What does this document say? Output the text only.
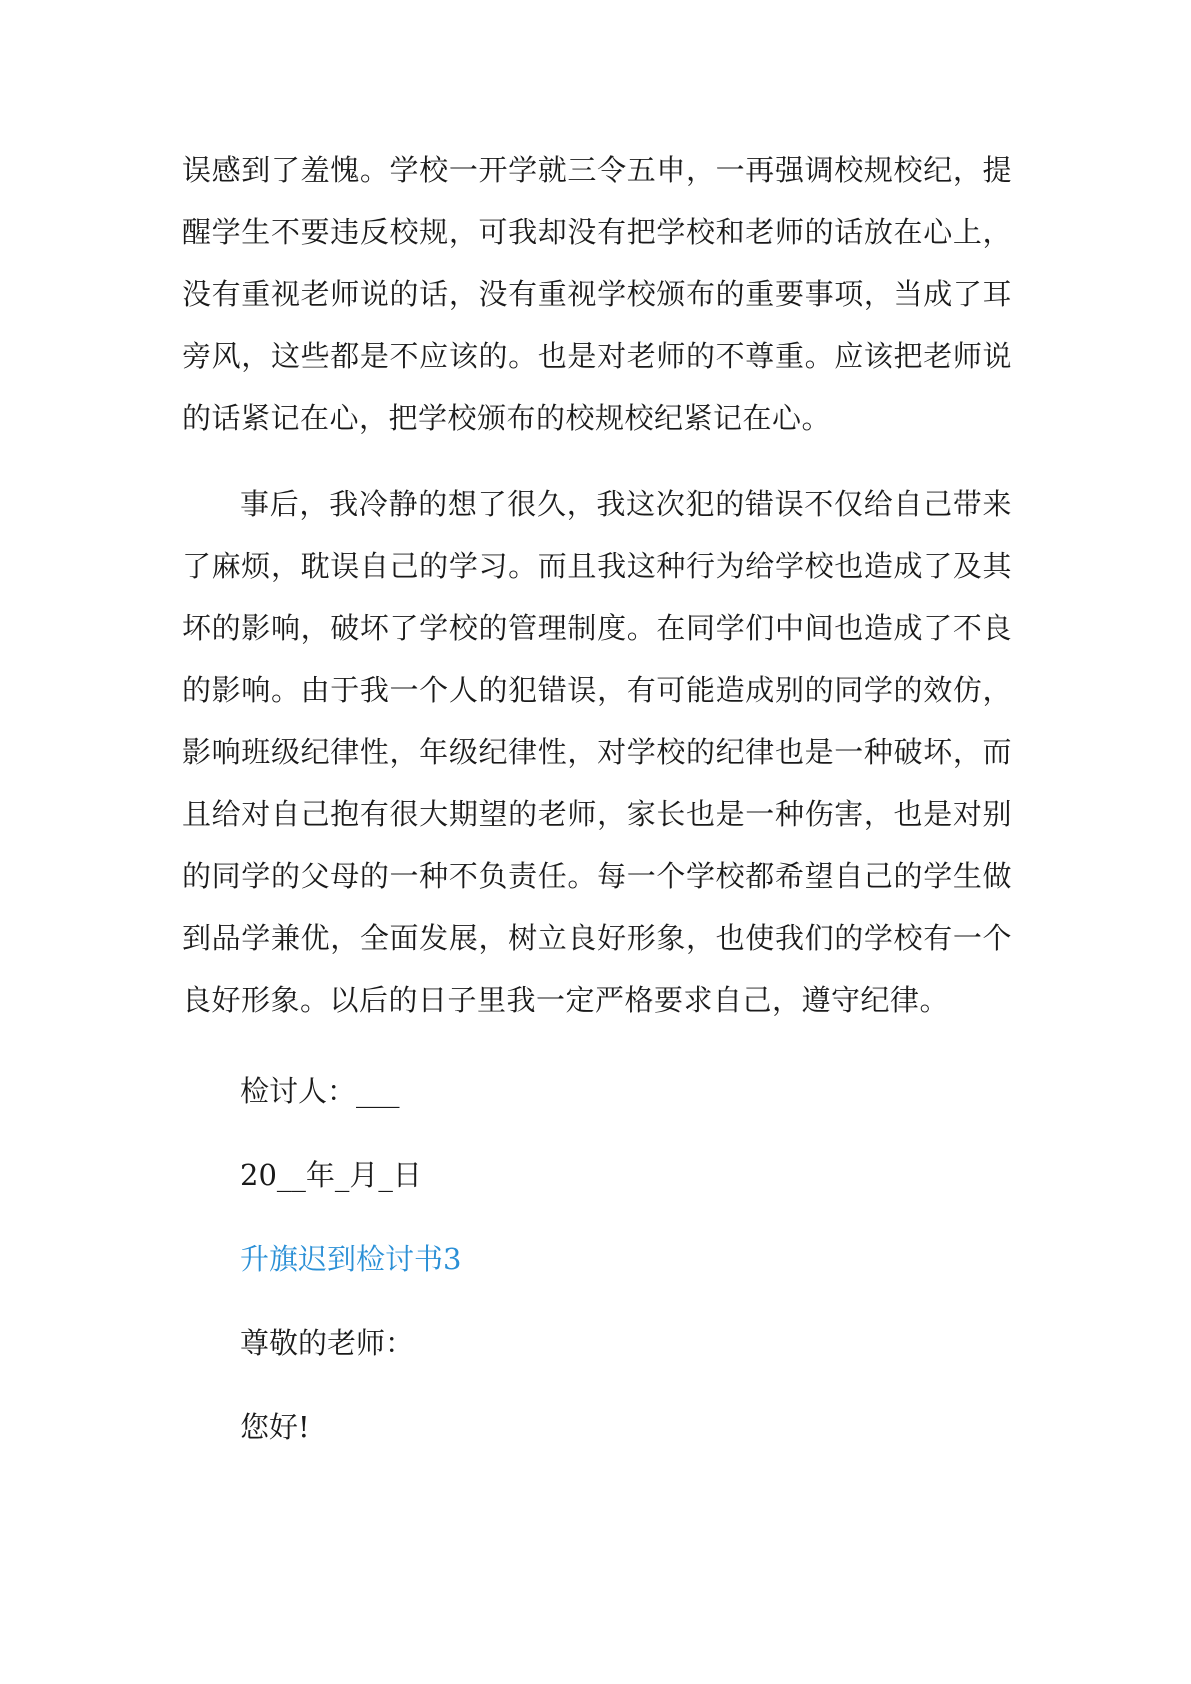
误感到了羞愧。学校一开学就三令五申，一再强调校规校纪，提醒学生不要违反校规，可我却没有把学校和老师的话放在心上，没有重视老师说的话，没有重视学校颁布的重要事项，当成了耳旁风，这些都是不应该的。也是对老师的不尊重。应该把老师说的话紧记在心，把学校颁布的校规校纪紧记在心。

事后，我冷静的想了很久，我这次犯的错误不仅给自己带来了麻烦，耽误自己的学习。而且我这种行为给学校也造成了及其坏的影响，破坏了学校的管理制度。在同学们中间也造成了不良的影响。由于我一个人的犯错误，有可能造成别的同学的效仿，影响班级纪律性，年级纪律性，对学校的纪律也是一种破坏，而且给对自己抱有很大期望的老师，家长也是一种伤害，也是对别的同学的父母的一种不负责任。每一个学校都希望自己的学生做到品学兼优，全面发展，树立良好形象，也使我们的学校有一个良好形象。以后的日子里我一定严格要求自己，遵守纪律。

检讨人：___

20__年_月_日

升旗迟到检讨书3

尊敬的老师：

您好!
